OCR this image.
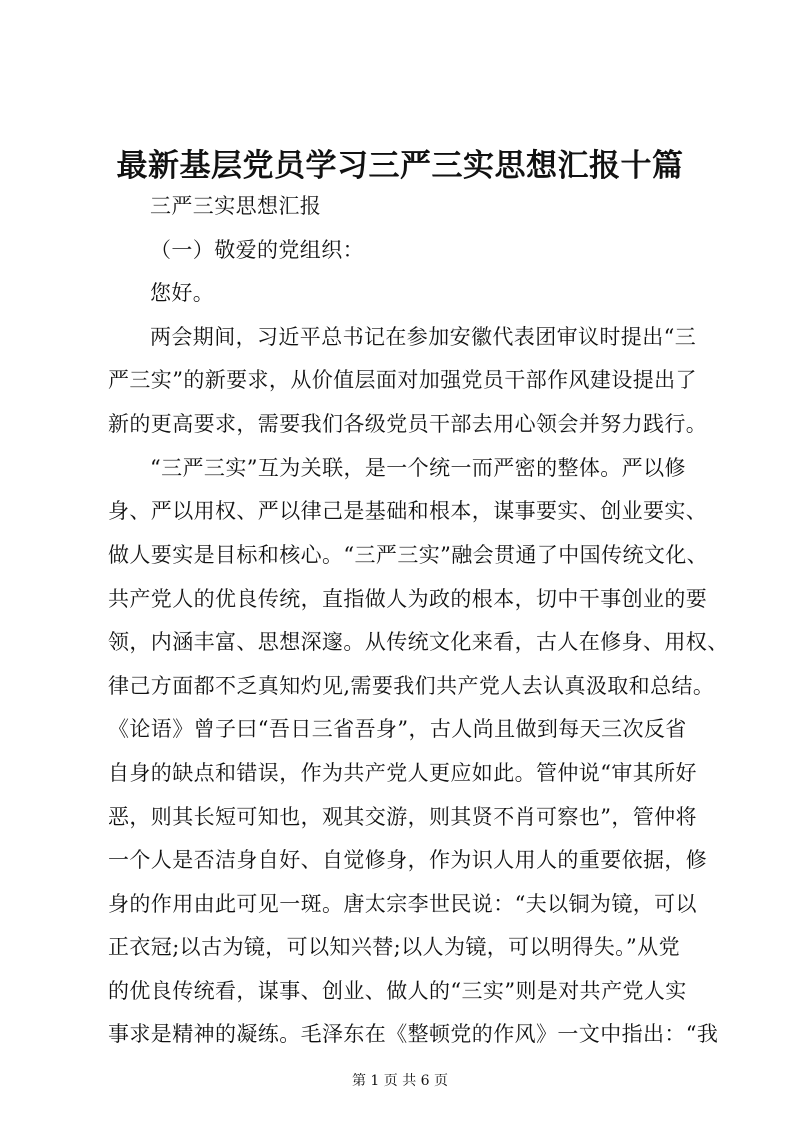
最新基层党员学习三严三实思想汇报十篇
三严三实思想汇报
（一）敬爱的党组织：
您好。
两会期间，习近平总书记在参加安徽代表团审议时提出“三
严三实”的新要求，从价值层面对加强党员干部作风建设提出了
新的更高要求，需要我们各级党员干部去用心领会并努力践行。
“三严三实”互为关联，是一个统一而严密的整体。严以修
身、严以用权、严以律己是基础和根本，谋事要实、创业要实、
做人要实是目标和核心。“三严三实”融会贯通了中国传统文化、
共产党人的优良传统，直指做人为政的根本，切中干事创业的要
领，内涵丰富、思想深邃。从传统文化来看，古人在修身、用权、
律己方面都不乏真知灼见,需要我们共产党人去认真汲取和总结。
《论语》曾子曰“吾日三省吾身”，古人尚且做到每天三次反省
自身的缺点和错误，作为共产党人更应如此。管仲说“审其所好
恶，则其长短可知也，观其交游，则其贤不肖可察也”，管仲将
一个人是否洁身自好、自觉修身，作为识人用人的重要依据，修
身的作用由此可见一斑。唐太宗李世民说：“夫以铜为镜，可以
正衣冠;以古为镜，可以知兴替;以人为镜，可以明得失。”从党
的优良传统看，谋事、创业、做人的“三实”则是对共产党人实
第 1 页 共 6 页
事求是精神的凝练。毛泽东在《整顿党的作风》一文中指出：“我
